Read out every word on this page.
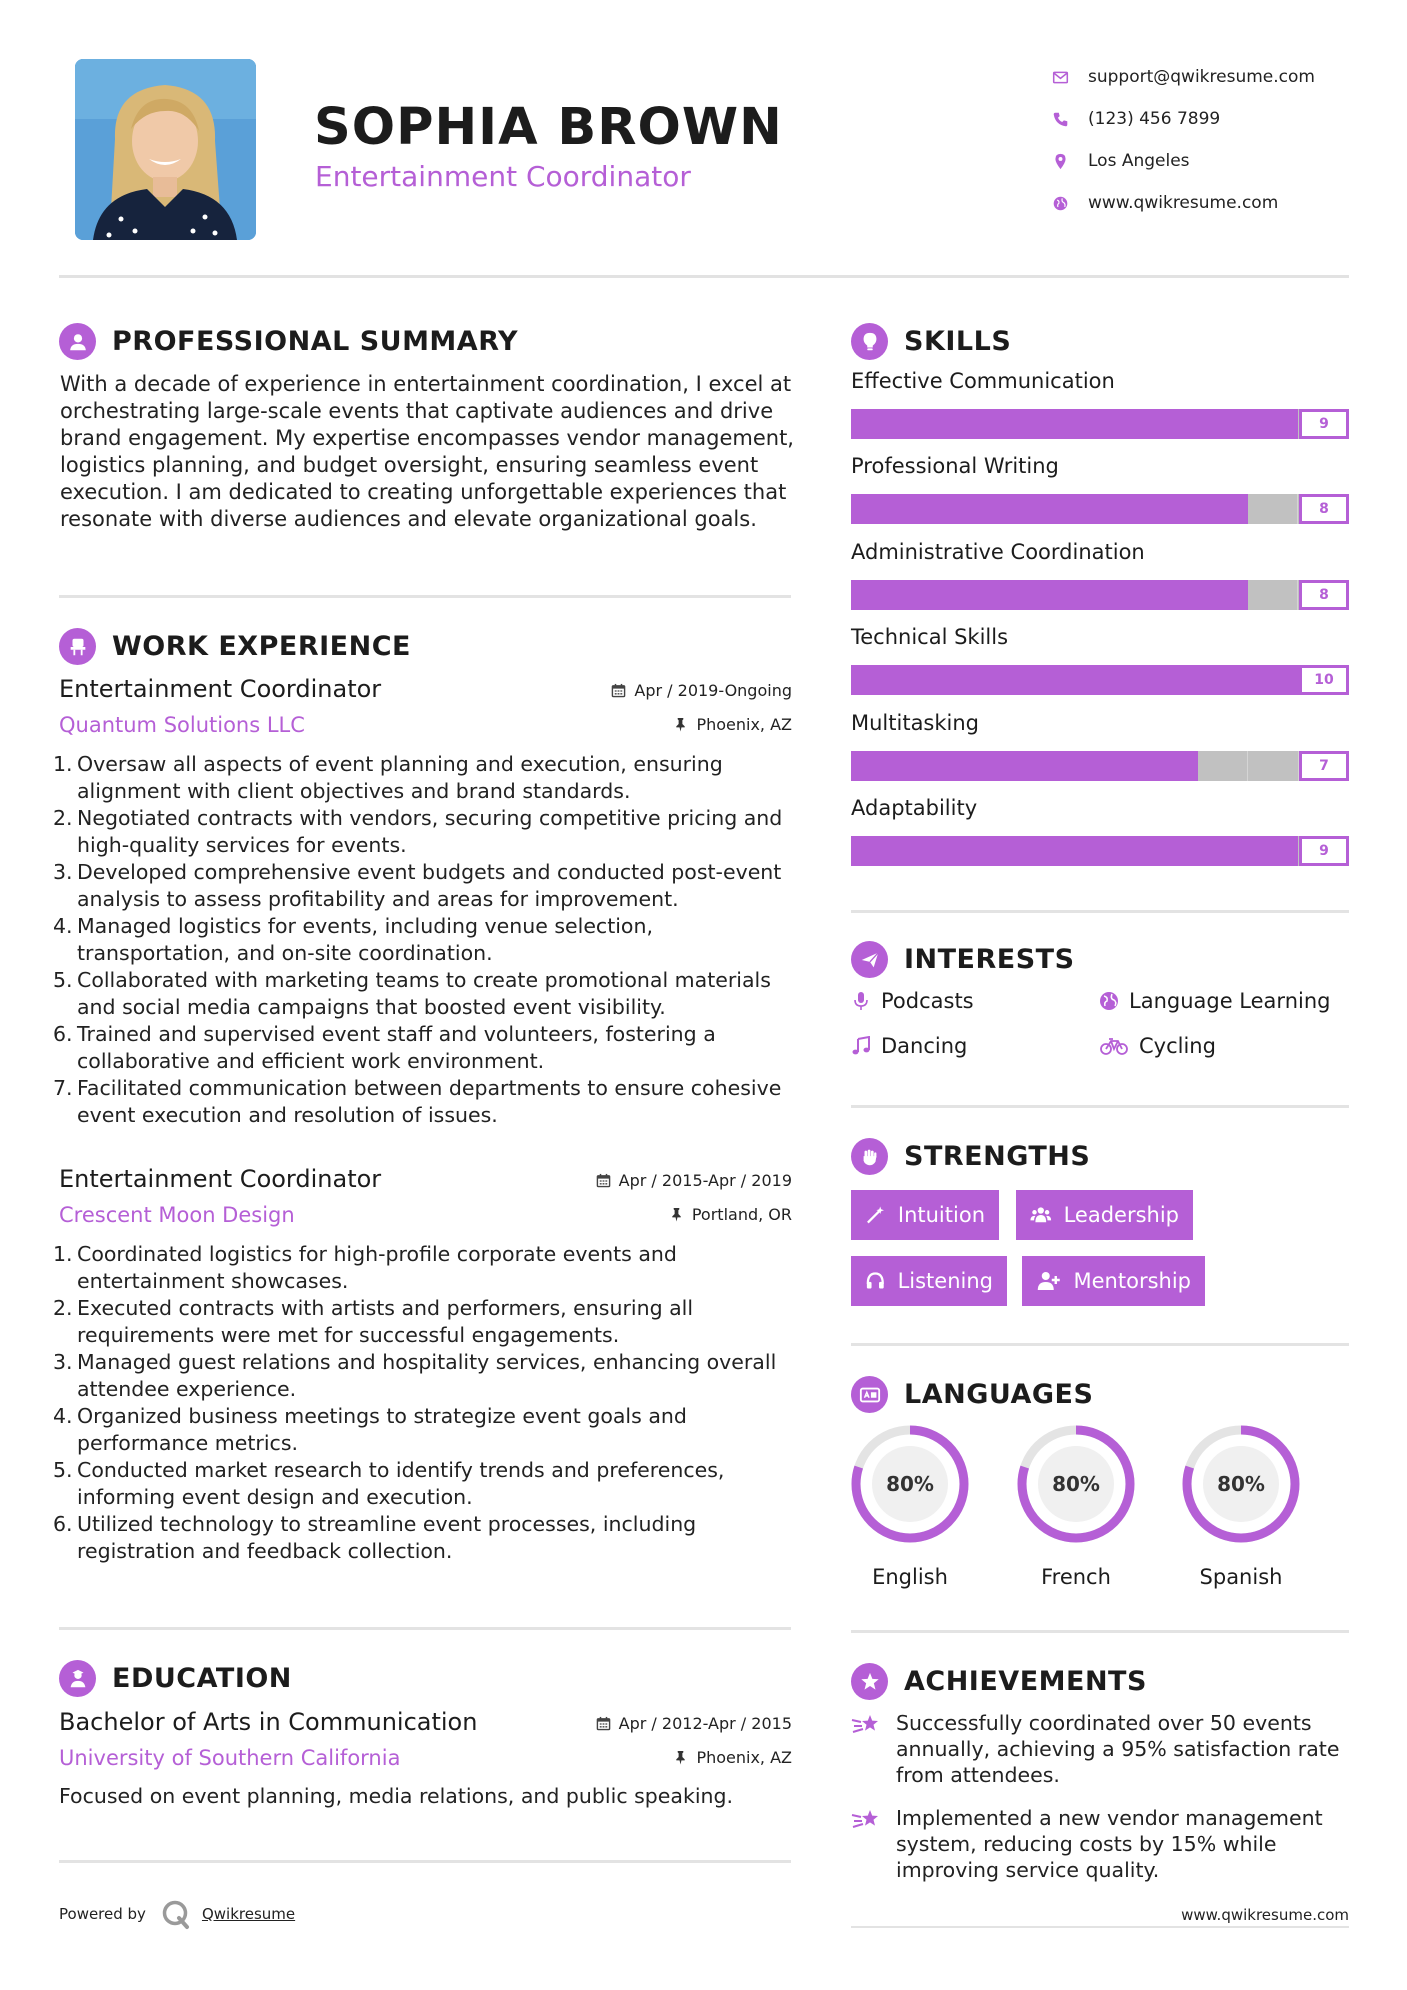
SOPHIA BROWN
Entertainment Coordinator
support@qwikresume.com
(123) 456 7899
Los Angeles
www.qwikresume.com
PROFESSIONAL SUMMARY
With a decade of experience in entertainment coordination, I excel at orchestrating large-scale events that captivate audiences and drive brand engagement. My expertise encompasses vendor management, logistics planning, and budget oversight, ensuring seamless event execution. I am dedicated to creating unforgettable experiences that resonate with diverse audiences and elevate organizational goals.
WORK EXPERIENCE
Entertainment Coordinator
Quantum Solutions LLC
Apr / 2019-Ongoing
Phoenix, AZ
1. Oversaw all aspects of event planning and execution, ensuring alignment with client objectives and brand standards.
2. Negotiated contracts with vendors, securing competitive pricing and high-quality services for events.
3. Developed comprehensive event budgets and conducted post-event analysis to assess profitability and areas for improvement.
4. Managed logistics for events, including venue selection, transportation, and on-site coordination.
5. Collaborated with marketing teams to create promotional materials and social media campaigns that boosted event visibility.
6. Trained and supervised event staff and volunteers, fostering a collaborative and efficient work environment.
7. Facilitated communication between departments to ensure cohesive event execution and resolution of issues.
Entertainment Coordinator
Crescent Moon Design
Apr / 2015-Apr / 2019
Portland, OR
1. Coordinated logistics for high-profile corporate events and entertainment showcases.
2. Executed contracts with artists and performers, ensuring all requirements were met for successful engagements.
3. Managed guest relations and hospitality services, enhancing overall attendee experience.
4. Organized business meetings to strategize event goals and performance metrics.
5. Conducted market research to identify trends and preferences, informing event design and execution.
6. Utilized technology to streamline event processes, including registration and feedback collection.
EDUCATION
Bachelor of Arts in Communication
University of Southern California
Apr / 2012-Apr / 2015
Phoenix, AZ
Focused on event planning, media relations, and public speaking.
SKILLS
Effective Communication
9
Professional Writing
8
Administrative Coordination
8
Technical Skills
10
Multitasking
7
Adaptability
9
INTERESTS
Podcasts	Language Learning
Dancing	Cycling
STRENGTHS
Intuition	Leadership
Listening	Mentorship
LANGUAGES
80%
English
80%
French
80%
Spanish
ACHIEVEMENTS
Successfully coordinated over 50 events annually, achieving a 95% satisfaction rate from attendees.
Implemented a new vendor management system, reducing costs by 15% while improving service quality.
Powered by	Qwikresume	www.qwikresume.com
